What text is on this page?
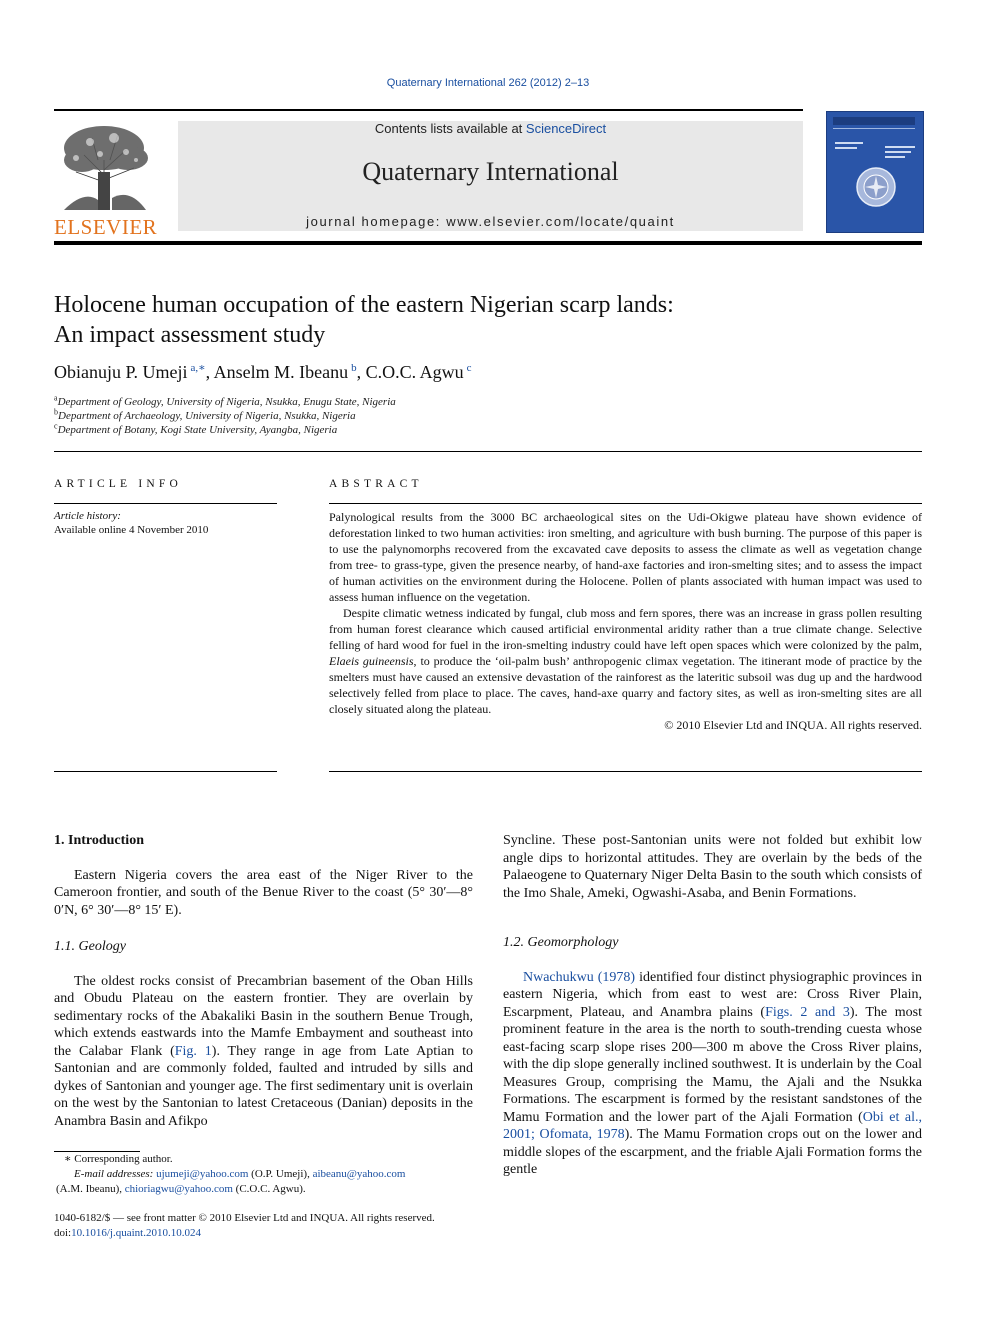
Quaternary International 262 (2012) 2–13
ELSEVIER
Contents lists available at ScienceDirect
Quaternary International
journal homepage: www.elsevier.com/locate/quaint
Holocene human occupation of the eastern Nigerian scarp lands:
An impact assessment study
Obianuju P. Umeji $^{a,∗}$, Anselm M. Ibeanu $^b$, C.O.C. Agwu $^c$
$^a$Department of Geology, University of Nigeria, Nsukka, Enugu State, Nigeria
$^b$Department of Archaeology, University of Nigeria, Nsukka, Nigeria
$^c$Department of Botany, Kogi State University, Ayangba, Nigeria
ARTICLE INFO
Article history:
Available online 4 November 2010
ABSTRACT

Palynological results from the 3000 BC archaeological sites on the Udi-Okigwe plateau have shown evidence of deforestation linked to two human activities: iron smelting, and agriculture with bush burning. The purpose of this paper is to use the palynomorphs recovered from the excavated cave deposits to assess the climate as well as vegetation change from tree- to grass-type, given the presence nearby, of hand-axe factories and iron-smelting sites; and to assess the impact of human activities on the environment during the Holocene. Pollen of plants associated with human impact was used to assess human influence on the vegetation.

Despite climatic wetness indicated by fungal, club moss and fern spores, there was an increase in grass pollen resulting from human forest clearance which caused artificial environmental aridity rather than a true climate change. Selective felling of hard wood for fuel in the iron-smelting industry could have left open spaces which were colonized by the palm, Elaeis guineensis, to produce the ‘oil-palm bush’ anthropogenic climax vegetation. The itinerant mode of practice by the smelters must have caused an extensive devastation of the rainforest as the lateritic subsoil was dug up and the hardwood selectively felled from place to place. The caves, hand-axe quarry and factory sites, as well as iron-smelting sites are all closely situated along the plateau.

© 2010 Elsevier Ltd and INQUA. All rights reserved.

1. Introduction

Eastern Nigeria covers the area east of the Niger River to the Cameroon frontier, and south of the Benue River to the coast (5° 30′—8° 0′N, 6° 30′—8° 15′ E).

1.1. Geology

The oldest rocks consist of Precambrian basement of the Oban Hills and Obudu Plateau on the eastern frontier. They are overlain by sedimentary rocks of the Abakaliki Basin in the southern Benue Trough, which extends eastwards into the Mamfe Embayment and southeast into the Calabar Flank (Fig. 1). They range in age from Late Aptian to Santonian and are commonly folded, faulted and intruded by sills and dykes of Santonian and younger age. The first sedimentary unit is overlain on the west by the Santonian to latest Cretaceous (Danian) deposits in the Anambra Basin and Afikpo

∗ Corresponding author.
E-mail addresses: ujumeji@yahoo.com (O.P. Umeji), aibeanu@yahoo.com
(A.M. Ibeanu), chioriagwu@yahoo.com (C.O.C. Agwu).
1040-6182/$ — see front matter © 2010 Elsevier Ltd and INQUA. All rights reserved.
doi:10.1016/j.quaint.2010.10.024

Syncline. These post-Santonian units were not folded but exhibit low angle dips to horizontal attitudes. They are overlain by the beds of the Palaeogene to Quaternary Niger Delta Basin to the south which consists of the Imo Shale, Ameki, Ogwashi-Asaba, and Benin Formations.

1.2. Geomorphology

Nwachukwu (1978) identified four distinct physiographic provinces in eastern Nigeria, which from east to west are: Cross River Plain, Escarpment, Plateau, and Anambra plains (Figs. 2 and 3). The most prominent feature in the area is the north to south-trending cuesta whose east-facing scarp slope rises 200—300 m above the Cross River plains, with the dip slope generally inclined southwest. It is underlain by the Coal Measures Group, comprising the Mamu, the Ajali and the Nsukka Formations. The escarpment is formed by the resistant sandstones of the Mamu Formation and the lower part of the Ajali Formation (Obi et al., 2001; Ofomata, 1978). The Mamu Formation crops out on the lower and middle slopes of the escarpment, and the friable Ajali Formation forms the gentle
